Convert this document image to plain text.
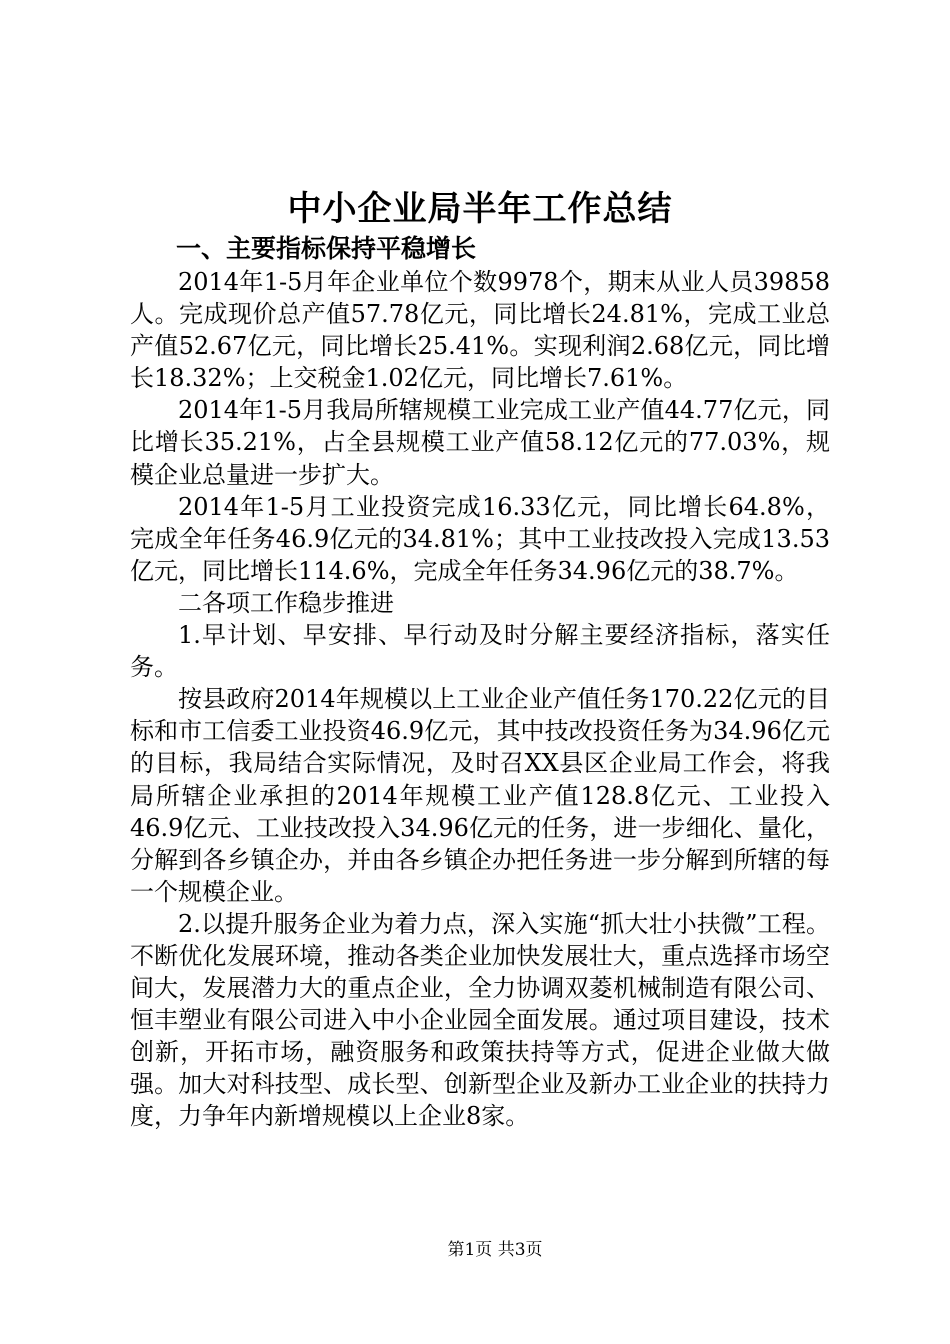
中小企业局半年工作总结
一、主要指标保持平稳增长

2014年1-5月年企业单位个数9978个，期末从业人员39858人。完成现价总产值57.78亿元，同比增长24.81%，完成工业总产值52.67亿元，同比增长25.41%。实现利润2.68亿元，同比增长18.32%；上交税金1.02亿元，同比增长7.61%。

2014年1-5月我局所辖规模工业完成工业产值44.77亿元，同比增长35.21%，占全县规模工业产值58.12亿元的77.03%，规模企业总量进一步扩大。

2014年1-5月工业投资完成16.33亿元，同比增长64.8%，完成全年任务46.9亿元的34.81%；其中工业技改投入完成13.53亿元，同比增长114.6%，完成全年任务34.96亿元的38.7%。

二各项工作稳步推进

1.早计划、早安排、早行动及时分解主要经济指标，落实任务。

按县政府2014年规模以上工业企业产值任务170.22亿元的目标和市工信委工业投资46.9亿元，其中技改投资任务为34.96亿元的目标，我局结合实际情况，及时召XX县区企业局工作会，将我局所辖企业承担的2014年规模工业产值128.8亿元、工业投入46.9亿元、工业技改投入34.96亿元的任务，进一步细化、量化，分解到各乡镇企办，并由各乡镇企办把任务进一步分解到所辖的每一个规模企业。

2.以提升服务企业为着力点，深入实施“抓大壮小扶微”工程。不断优化发展环境，推动各类企业加快发展壮大，重点选择市场空间大，发展潜力大的重点企业，全力协调双菱机械制造有限公司、恒丰塑业有限公司进入中小企业园全面发展。通过项目建设，技术创新，开拓市场，融资服务和政策扶持等方式，促进企业做大做强。加大对科技型、成长型、创新型企业及新办工业企业的扶持力度，力争年内新增规模以上企业8家。

第1页 共3页
